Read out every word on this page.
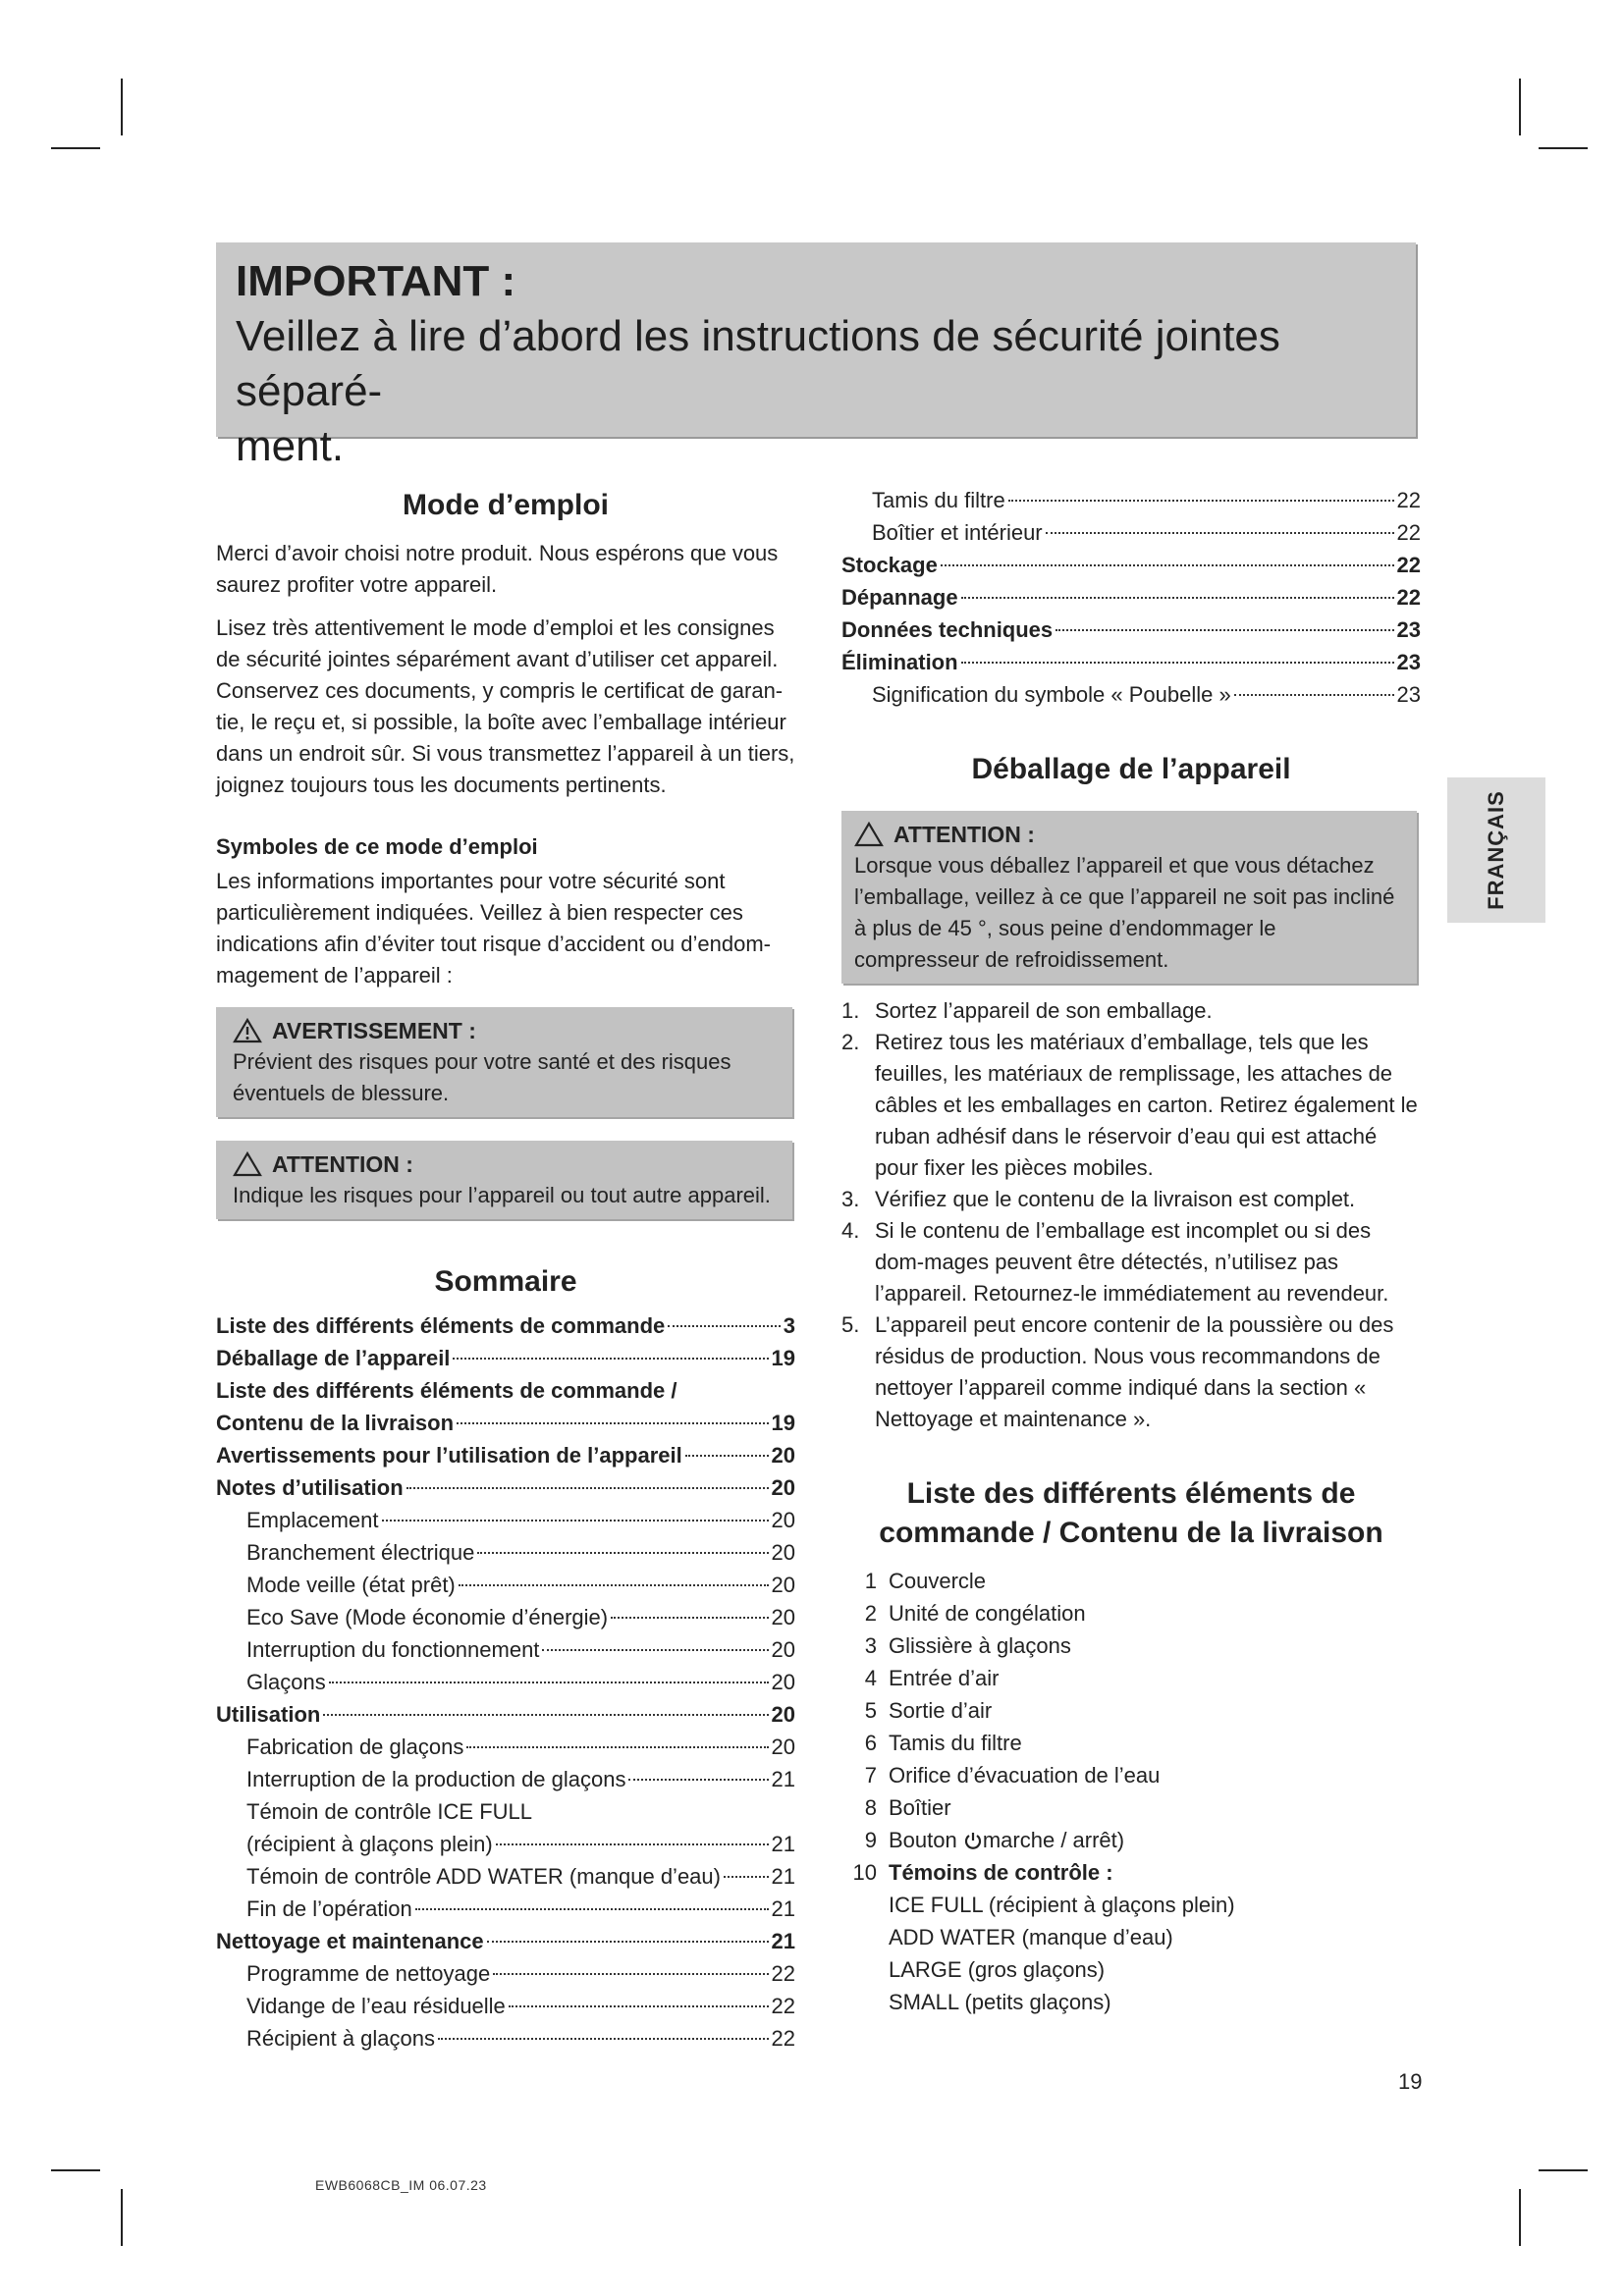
IMPORTANT :
Veillez à lire d’abord les instructions de sécurité jointes séparé-
ment.
Mode d’emploi

Merci d’avoir choisi notre produit. Nous espérons que vous saurez profiter votre appareil.

Lisez très attentivement le mode d’emploi et les consignes de sécurité jointes séparément avant d’utiliser cet appareil. Conservez ces documents, y compris le certificat de garan-tie, le reçu et, si possible, la boîte avec l’emballage intérieur dans un endroit sûr. Si vous transmettez l’appareil à un tiers, joignez toujours tous les documents pertinents.

Symboles de ce mode d’emploi

Les informations importantes pour votre sécurité sont particulièrement indiquées. Veillez à bien respecter ces indications afin d’éviter tout risque d’accident ou d’endom-magement de l’appareil :

AVERTISSEMENT :
Prévient des risques pour votre santé et des risques éventuels de blessure.
ATTENTION :
Indique les risques pour l’appareil ou tout autre appareil.
Sommaire
Liste des différents éléments de commande	3
Déballage de l’appareil	19
Liste des différents éléments de commande /
Contenu de la livraison	19
Avertissements pour l’utilisation de l’appareil	20
Notes d’utilisation	20
Emplacement	20
Branchement électrique	20
Mode veille (état prêt)	20
Eco Save (Mode économie d’énergie)	20
Interruption du fonctionnement	20
Glaçons	20
Utilisation	20
Fabrication de glaçons	20
Interruption de la production de glaçons	21
Témoin de contrôle ICE FULL
(récipient à glaçons plein)	21
Témoin de contrôle ADD WATER (manque d’eau) 21
Fin de l’opération	21
Nettoyage et maintenance	21
Programme de nettoyage	22
Vidange de l’eau résiduelle	22
Récipient à glaçons	22
Tamis du filtre	22
Boîtier et intérieur	22
Stockage	22
Dépannage	22
Données techniques	23
Élimination	23
Signification du symbole « Poubelle »	23
Déballage de l’appareil
ATTENTION :
Lorsque vous déballez l’appareil et que vous détachez l’emballage, veillez à ce que l’appareil ne soit pas incliné à plus de 45 °, sous peine d’endommager le compresseur de refroidissement.
1. Sortez l’appareil de son emballage.
2. Retirez tous les matériaux d’emballage, tels que les feuilles, les matériaux de remplissage, les attaches de câbles et les emballages en carton. Retirez également le ruban adhésif dans le réservoir d’eau qui est attaché pour fixer les pièces mobiles.
3. Vérifiez que le contenu de la livraison est complet.
4. Si le contenu de l’emballage est incomplet ou si des dom-mages peuvent être détectés, n’utilisez pas l’appareil. Retournez-le immédiatement au revendeur.
5. L’appareil peut encore contenir de la poussière ou des résidus de production. Nous vous recommandons de nettoyer l’appareil comme indiqué dans la section « Nettoyage et maintenance ».
Liste des différents éléments de
commande / Contenu de la livraison
1 Couvercle
2 Unité de congélation
3 Glissière à glaçons
4 Entrée d’air
5 Sortie d’air
6 Tamis du filtre
7 Orifice d’évacuation de l’eau
8 Boîtier
9 Bouton marche / arrêt)
10 Témoins de contrôle :
ICE FULL (récipient à glaçons plein)
ADD WATER (manque d’eau)
LARGE (gros glaçons)
SMALL (petits glaçons)
FRANÇAIS
19
EWB6068CB_IM 06.07.23
